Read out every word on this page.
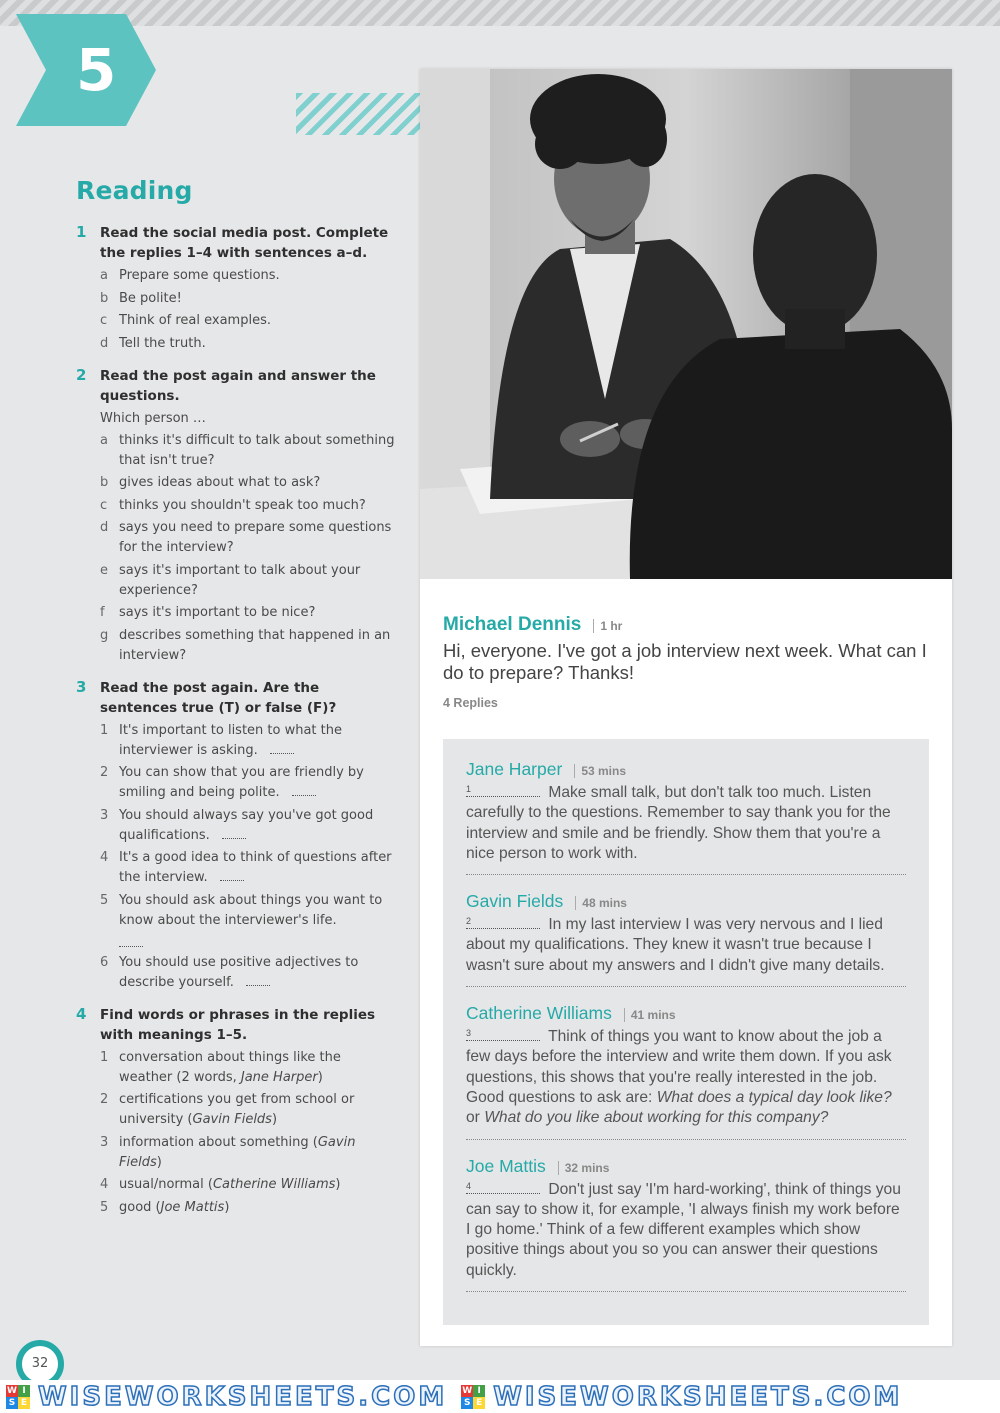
5
Reading
1 Read the social media post. Complete the replies 1–4 with sentences a–d.
a Prepare some questions.
b Be polite!
c Think of real examples.
d Tell the truth.
2 Read the post again and answer the questions.
Which person …
a thinks it's difficult to talk about something that isn't true?
b gives ideas about what to ask?
c thinks you shouldn't speak too much?
d says you need to prepare some questions for the interview?
e says it's important to talk about your experience?
f says it's important to be nice?
g describes something that happened in an interview?
3 Read the post again. Are the sentences true (T) or false (F)?
1 It's important to listen to what the interviewer is asking.
2 You can show that you are friendly by smiling and being polite.
3 You should always say you've got good qualifications.
4 It's a good idea to think of questions after the interview.
5 You should ask about things you want to know about the interviewer's life.
6 You should use positive adjectives to describe yourself.
4 Find words or phrases in the replies with meanings 1–5.
1 conversation about things like the weather (2 words, Jane Harper)
2 certifications you get from school or university (Gavin Fields)
3 information about something (Gavin Fields)
4 usual/normal (Catherine Williams)
5 good (Joe Mattis)
32
Michael Dennis	1 hr
Hi, everyone. I've got a job interview next week. What can I do to prepare? Thanks!
4 Replies
Jane Harper	53 mins
1	Make small talk, but don't talk too much. Listen carefully to the questions. Remember to say thank you for the interview and smile and be friendly. Show them that you're a nice person to work with.
Gavin Fields	48 mins
2	In my last interview I was very nervous and I lied about my qualifications. They knew it wasn't true because I wasn't sure about my answers and I didn't give many details.
Catherine Williams	41 mins
3	Think of things you want to know about the job a few days before the interview and write them down. If you ask questions, this shows that you're really interested in the job. Good questions to ask are: What does a typical day look like? or What do you like about working for this company?
Joe Mattis	32 mins
4	Don't just say 'I'm hard-working', think of things you can say to show it, for example, 'I always finish my work before I go home.' Think of a few different examples which show positive things about you so you can answer their questions quickly.
W I
S E WISEWORKSHEETS.COM W I
S E WISEWORKSHEETS.COM
